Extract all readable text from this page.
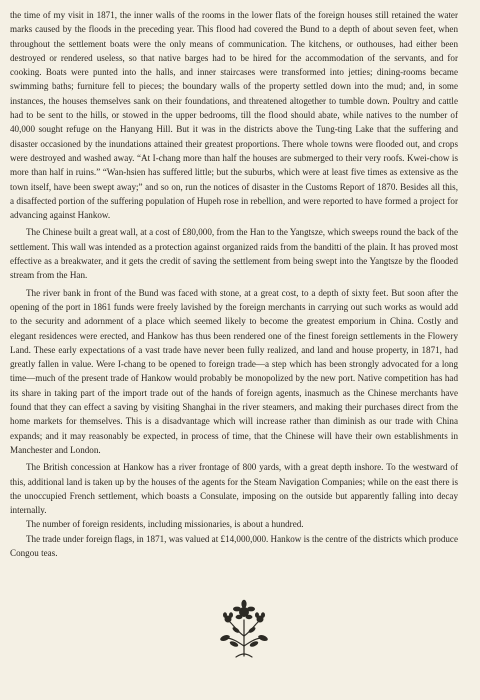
the time of my visit in 1871, the inner walls of the rooms in the lower flats of the foreign houses still retained the water marks caused by the floods in the preceding year. This flood had covered the Bund to a depth of about seven feet, when throughout the settlement boats were the only means of communication. The kitchens, or outhouses, had either been destroyed or rendered useless, so that native barges had to be hired for the accommodation of the servants, and for cooking. Boats were punted into the halls, and inner staircases were transformed into jetties; dining-rooms became swimming baths; furniture fell to pieces; the boundary walls of the property settled down into the mud; and, in some instances, the houses themselves sank on their foundations, and threatened altogether to tumble down. Poultry and cattle had to be sent to the hills, or stowed in the upper bedrooms, till the flood should abate, while natives to the number of 40,000 sought refuge on the Hanyang Hill. But it was in the districts above the Tung-ting Lake that the suffering and disaster occasioned by the inundations attained their greatest proportions. There whole towns were flooded out, and crops were destroyed and washed away. “At I-chang more than half the houses are submerged to their very roofs. Kwei-chow is more than half in ruins.” “Wan-hsien has suffered little; but the suburbs, which were at least five times as extensive as the town itself, have been swept away;” and so on, run the notices of disaster in the Customs Report of 1870. Besides all this, a disaffected portion of the suffering population of Hupeh rose in rebellion, and were reported to have formed a project for advancing against Hankow.

The Chinese built a great wall, at a cost of £80,000, from the Han to the Yangtsze, which sweeps round the back of the settlement. This wall was intended as a protection against organized raids from the banditti of the plain. It has proved most effective as a breakwater, and it gets the credit of saving the settlement from being swept into the Yangtsze by the flooded stream from the Han.

The river bank in front of the Bund was faced with stone, at a great cost, to a depth of sixty feet. But soon after the opening of the port in 1861 funds were freely lavished by the foreign merchants in carrying out such works as would add to the security and adornment of a place which seemed likely to become the greatest emporium in China. Costly and elegant residences were erected, and Hankow has thus been rendered one of the finest foreign settlements in the Flowery Land. These early expectations of a vast trade have never been fully realized, and land and house property, in 1871, had greatly fallen in value. Were I-chang to be opened to foreign trade—a step which has been strongly advocated for a long time—much of the present trade of Hankow would probably be monopolized by the new port. Native competition has had its share in taking part of the import trade out of the hands of foreign agents, inasmuch as the Chinese merchants have found that they can effect a saving by visiting Shanghai in the river steamers, and making their purchases direct from the home markets for themselves. This is a disadvantage which will increase rather than diminish as our trade with China expands; and it may reasonably be expected, in process of time, that the Chinese will have their own establishments in Manchester and London.

The British concession at Hankow has a river frontage of 800 yards, with a great depth inshore. To the westward of this, additional land is taken up by the houses of the agents for the Steam Navigation Companies; while on the east there is the unoccupied French settlement, which boasts a Consulate, imposing on the outside but apparently falling into decay internally.

The number of foreign residents, including missionaries, is about a hundred.

The trade under foreign flags, in 1871, was valued at £14,000,000. Hankow is the centre of the districts which produce Congou teas.
